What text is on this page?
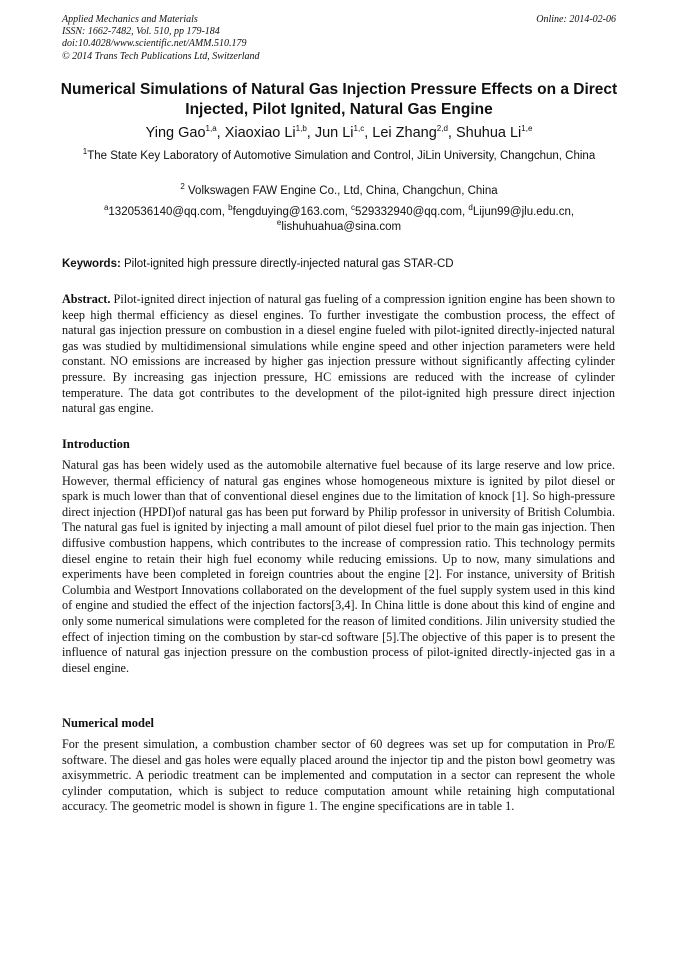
Applied Mechanics and Materials
ISSN: 1662-7482, Vol. 510, pp 179-184
doi:10.4028/www.scientific.net/AMM.510.179
© 2014 Trans Tech Publications Ltd, Switzerland
Online: 2014-02-06
Numerical Simulations of Natural Gas Injection Pressure Effects on a Direct Injected, Pilot Ignited, Natural Gas Engine
Ying Gao$^{1,a}$, Xiaoxiao Li$^{1,b}$, Jun Li$^{1,c}$, Lei Zhang$^{2,d}$, Shuhua Li$^{1,e}$
$^1$The State Key Laboratory of Automotive Simulation and Control, JiLin University, Changchun, China
$^2$ Volkswagen FAW Engine Co., Ltd, China, Changchun, China
$^a$1320536140@qq.com, $^b$fengduying@163.com, $^c$529332940@qq.com, $^d$Lijun99@jlu.edu.cn,
$^e$lishuhuahua@sina.com
Keywords: Pilot-ignited high pressure directly-injected natural gas STAR-CD
Abstract. Pilot-ignited direct injection of natural gas fueling of a compression ignition engine has been shown to keep high thermal efficiency as diesel engines. To further investigate the combustion process, the effect of natural gas injection pressure on combustion in a diesel engine fueled with pilot-ignited directly-injected natural gas was studied by multidimensional simulations while engine speed and other injection parameters were held constant. NO emissions are increased by higher gas injection pressure without significantly affecting cylinder pressure. By increasing gas injection pressure, HC emissions are reduced with the increase of cylinder temperature. The data got contributes to the development of the pilot-ignited high pressure direct injection natural gas engine.
Introduction
Natural gas has been widely used as the automobile alternative fuel because of its large reserve and low price. However, thermal efficiency of natural gas engines whose homogeneous mixture is ignited by pilot diesel or spark is much lower than that of conventional diesel engines due to the limitation of knock [1]. So high-pressure direct injection (HPDI)of natural gas has been put forward by Philip professor in university of British Columbia. The natural gas fuel is ignited by injecting a mall amount of pilot diesel fuel prior to the main gas injection. Then diffusive combustion happens, which contributes to the increase of compression ratio. This technology permits diesel engine to retain their high fuel economy while reducing emissions. Up to now, many simulations and experiments have been completed in foreign countries about the engine [2]. For instance, university of British Columbia and Westport Innovations collaborated on the development of the fuel supply system used in this kind of engine and studied the effect of the injection factors[3,4]. In China little is done about this kind of engine and only some numerical simulations were completed for the reason of limited conditions. Jilin university studied the effect of injection timing on the combustion by star-cd software [5].The objective of this paper is to present the influence of natural gas injection pressure on the combustion process of pilot-ignited directly-injected gas in a diesel engine.
Numerical model
For the present simulation, a combustion chamber sector of 60 degrees was set up for computation in Pro/E software. The diesel and gas holes were equally placed around the injector tip and the piston bowl geometry was axisymmetric. A periodic treatment can be implemented and computation in a sector can represent the whole cylinder computation, which is subject to reduce computation amount while retaining high computational accuracy. The geometric model is shown in figure 1. The engine specifications are in table 1.
